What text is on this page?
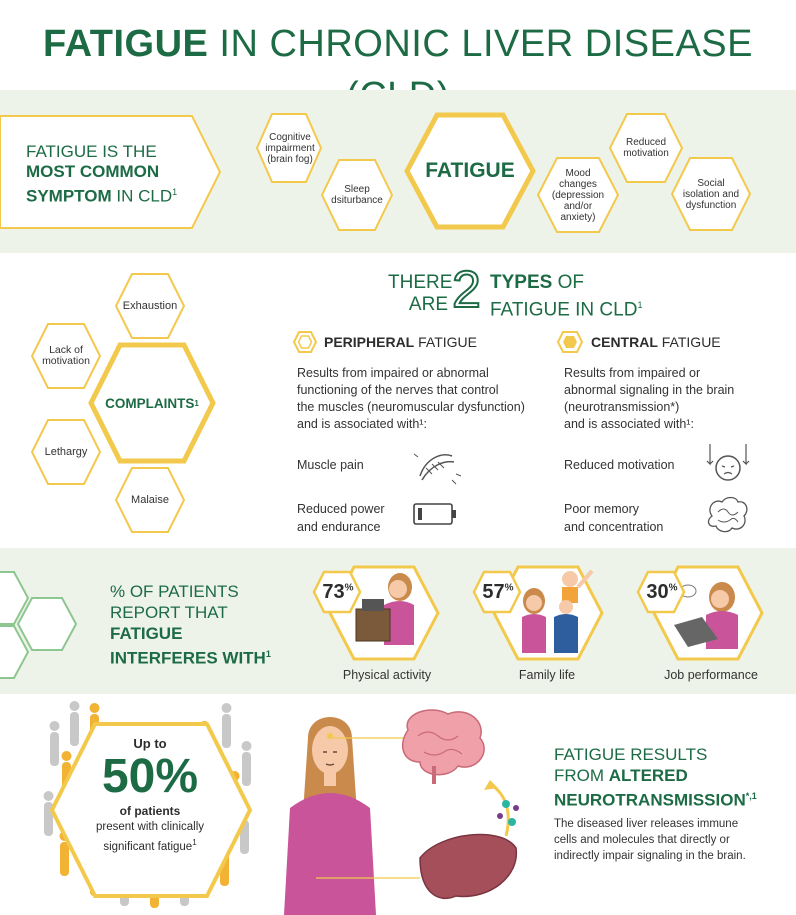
FATIGUE IN CHRONIC LIVER DISEASE
FATIGUE IS THE
MOST COMMON
SYMPTOM IN CLD$^1$
Cognitive impairment (brain fog)
Sleep dsiturbance
FATIGUE	Mood changes (depression and/or anxiety)
Reduced motivation
Social isolation and dysfunction
Exhaustion
Lack of motivation
COMPLAINTS 1
Lethargy
Malaise
THERE
ARE 2 TYPES OF
FATIGUE IN CLD$^1$
PERIPHERAL FATIGUE
Results from impaired or abnormal
functioning of the nerves that control
the muscles (neuromuscular dysfunction)
and is associated with¹:
Muscle pain
Reduced power
and endurance
CENTRAL FATIGUE
Results from impaired or
abnormal signaling in the brain
(neurotransmission*)
and is associated with¹:
Reduced motivation
Poor memory
and concentration
% OF PATIENTS
REPORT THAT
FATIGUE
INTERFERES WITH$^1$
73%
Physical activity
57%
Family life
30%
Job performance
Up to
50%
of patients
present with clinically
significant fatigue$^1$
FATIGUE RESULTS
FROM ALTERED
$NEUROTRANSMISSION^{*,1}$
The diseased liver releases immune
cells and molecules that directly or
indirectly impair signaling in the brain.
